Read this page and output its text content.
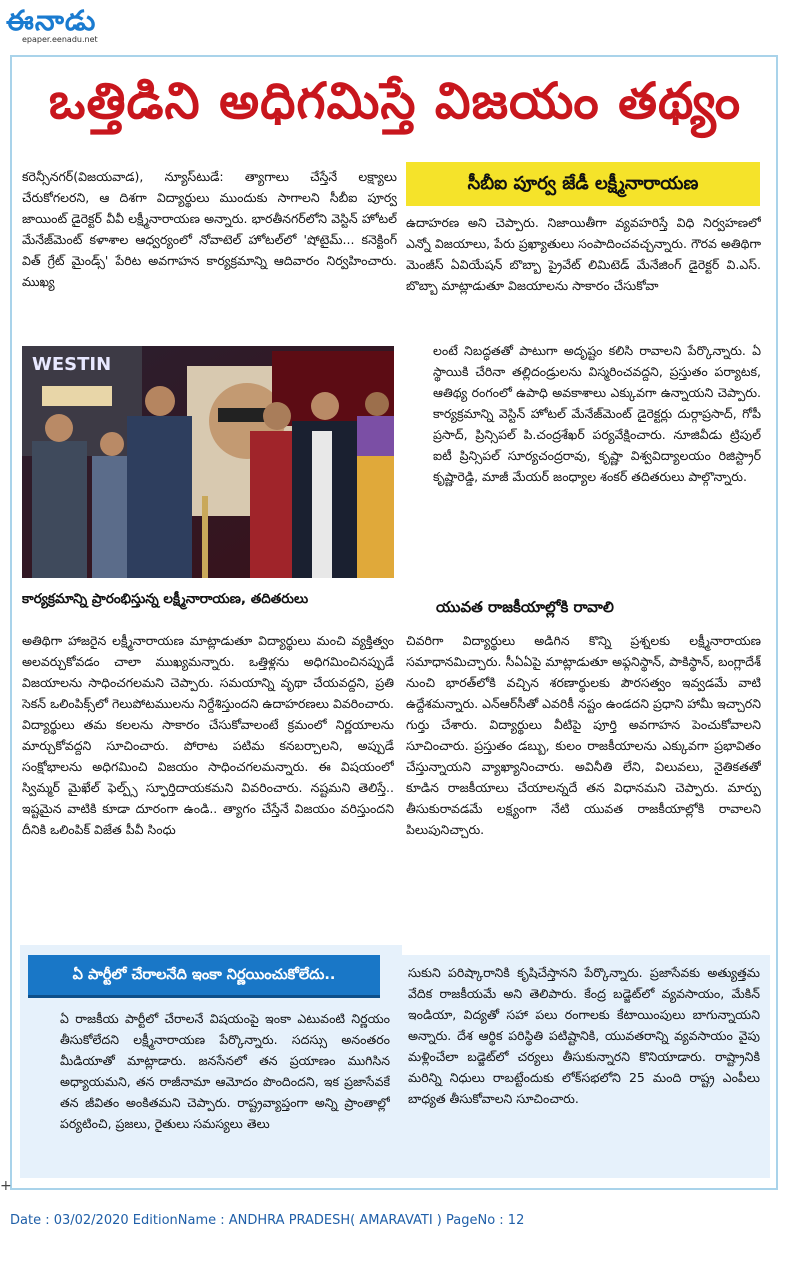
ఈనాడు
epaper.eenadu.net
ఒత్తిడిని అధిగమిస్తే విజయం తథ్యం
కరెన్సీనగర్(విజయవాడ), న్యూస్‌టుడే: త్యాగాలు చేస్తేనే లక్ష్యాలు చేరుకోగలరని, ఆ దిశగా విద్యార్థులు ముందుకు సాగాలని సీబీఐ పూర్వ జాయింట్ డైరెక్టర్ వీవీ లక్ష్మీనారాయణ అన్నారు. భారతీనగర్‌లోని వెస్టిన్ హోటల్ మేనేజ్‌మెంట్ కళాశాల ఆధ్వర్యంలో నోవాటెల్ హోటల్‌లో 'షోటైమ్... కనెక్టింగ్ విత్ గ్రేట్ మైండ్స్' పేరిట అవగాహన కార్యక్రమాన్ని ఆదివారం నిర్వహించారు. ముఖ్య
సీబీఐ పూర్వ జేడీ లక్ష్మీనారాయణ
ఉదాహరణ అని చెప్పారు. నిజాయితీగా వ్యవహరిస్తే విధి నిర్వహణలో ఎన్నో విజయాలు, పేరు ప్రఖ్యాతులు సంపాదించవచ్చన్నారు. గౌరవ అతిథిగా మెంజీస్ ఏవియేషన్ బొబ్బా ప్రైవేట్ లిమిటెడ్ మేనేజింగ్ డైరెక్టర్ వి.ఎస్. బొబ్బా మాట్లాడుతూ విజయాలను సాకారం చేసుకోవా
లంటే నిబద్ధతతో పాటుగా అదృష్టం కలిసి రావాలని పేర్కొన్నారు. ఏ స్థాయికి చేరినా తల్లిదండ్రులను విస్మరించవద్దని, ప్రస్తుతం పర్యాటక, ఆతిథ్య రంగంలో ఉపాధి అవకాశాలు ఎక్కువగా ఉన్నాయని చెప్పారు. కార్యక్రమాన్ని వెస్టిన్ హోటల్ మేనేజ్‌మెంట్ డైరెక్టర్లు దుర్గాప్రసాద్, గోపీ ప్రసాద్, ప్రిన్సిపల్ పి.చంద్రశేఖర్ పర్యవేక్షించారు. నూజివీడు ట్రిపుల్ ఐటీ ప్రిన్సిపల్ సూర్యచంద్రరావు, కృష్ణా విశ్వవిద్యాలయం రిజిస్ట్రార్ కృష్ణారెడ్డి, మాజీ మేయర్ జంధ్యాల శంకర్ తదితరులు పాల్గొన్నారు.
WESTIN
కార్యక్రమాన్ని ప్రారంభిస్తున్న లక్ష్మీనారాయణ, తదితరులు	యువత రాజకీయాల్లోకి రావాలి
అతిథిగా హాజరైన లక్ష్మీనారాయణ మాట్లాడుతూ విద్యార్థులు మంచి వ్యక్తిత్వం అలవర్చుకోవడం చాలా ముఖ్యమన్నారు. ఒత్తిళ్లను అధిగమించినప్పుడే విజయాలను సాధించగలమని చెప్పారు. సమయాన్ని వృథా చేయవద్దని, ప్రతి సెకన్ ఒలింపిక్స్‌లో గెలుపోటములను నిర్దేశిస్తుందని ఉదాహరణలు వివరించారు. విద్యార్థులు తమ కలలను సాకారం చేసుకోవాలంటే క్రమంలో నిర్ణయాలను మార్చుకోవద్దని సూచించారు. పోరాట పటిమ కనబర్చాలని, అప్పుడే సంక్షోభాలను అధిగమించి విజయం సాధించగలమన్నారు. ఈ విషయంలో స్విమ్మర్ మైఖేల్ ఫెల్ప్స్ స్ఫూర్తిదాయకమని వివరించారు. నష్టమని తెలిస్తే.. ఇష్టమైన వాటికి కూడా దూరంగా ఉండి.. త్యాగం చేస్తేనే విజయం వరిస్తుందని దీనికి ఒలింపిక్ విజేత పీవీ సింధు
చివరిగా విద్యార్థులు అడిగిన కొన్ని ప్రశ్నలకు లక్ష్మీనారాయణ సమాధానమిచ్చారు. సీఏఏపై మాట్లాడుతూ అఫ్గనిస్థాన్, పాకిస్థాన్, బంగ్లాదేశ్ నుంచి భారత్‌లోకి వచ్చిన శరణార్థులకు పౌరసత్వం ఇవ్వడమే వాటి ఉద్దేశమన్నారు. ఎన్‌ఆర్‌సీతో ఎవరికీ నష్టం ఉండదని ప్రధాని హామీ ఇచ్చారని గుర్తు చేశారు. విద్యార్థులు వీటిపై పూర్తి అవగాహన పెంచుకోవాలని సూచించారు. ప్రస్తుతం డబ్బు, కులం రాజకీయాలను ఎక్కువగా ప్రభావితం చేస్తున్నాయని వ్యాఖ్యానించారు. అవినీతి లేని, విలువలు, నైతికతతో కూడిన రాజకీయాలు చేయాలన్నదే తన విధానమని చెప్పారు. మార్పు తీసుకురావడమే లక్ష్యంగా నేటి యువత రాజకీయాల్లోకి రావాలని పిలుపునిచ్చారు.
ఏ పార్టీలో చేరాలనేది ఇంకా నిర్ణయించుకోలేదు..
ఏ రాజకీయ పార్టీలో చేరాలనే విషయంపై ఇంకా ఎటువంటి నిర్ణయం తీసుకోలేదని లక్ష్మీనారాయణ పేర్కొన్నారు. సదస్సు అనంతరం మీడియాతో మాట్లాడారు. జనసేనలో తన ప్రయాణం ముగిసిన అధ్యాయమని, తన రాజీనామా ఆమోదం పొందిందని, ఇక ప్రజాసేవకే తన జీవితం అంకితమని చెప్పారు. రాష్ట్రవ్యాప్తంగా అన్ని ప్రాంతాల్లో పర్యటించి, ప్రజలు, రైతులు సమస్యలు తెలు
సుకుని పరిష్కారానికి కృషిచేస్తానని పేర్కొన్నారు. ప్రజాసేవకు అత్యుత్తమ వేదిక రాజకీయమే అని తెలిపారు. కేంద్ర బడ్జెట్‌లో వ్యవసాయం, మేకిన్ ఇండియా, విద్యతో సహా పలు రంగాలకు కేటాయింపులు బాగున్నాయని అన్నారు. దేశ ఆర్థిక పరిస్థితి పటిష్టానికి, యువతరాన్ని వ్యవసాయం వైపు మళ్లించేలా బడ్జెట్‌లో చర్యలు తీసుకున్నారని కొనియాడారు. రాష్ట్రానికి మరిన్ని నిధులు రాబట్టేందుకు లోక్‌సభలోని 25 మంది రాష్ట్ర ఎంపీలు బాధ్యత తీసుకోవాలని సూచించారు.
+
Date : 03/02/2020 EditionName : ANDHRA PRADESH( AMARAVATI ) PageNo : 12
